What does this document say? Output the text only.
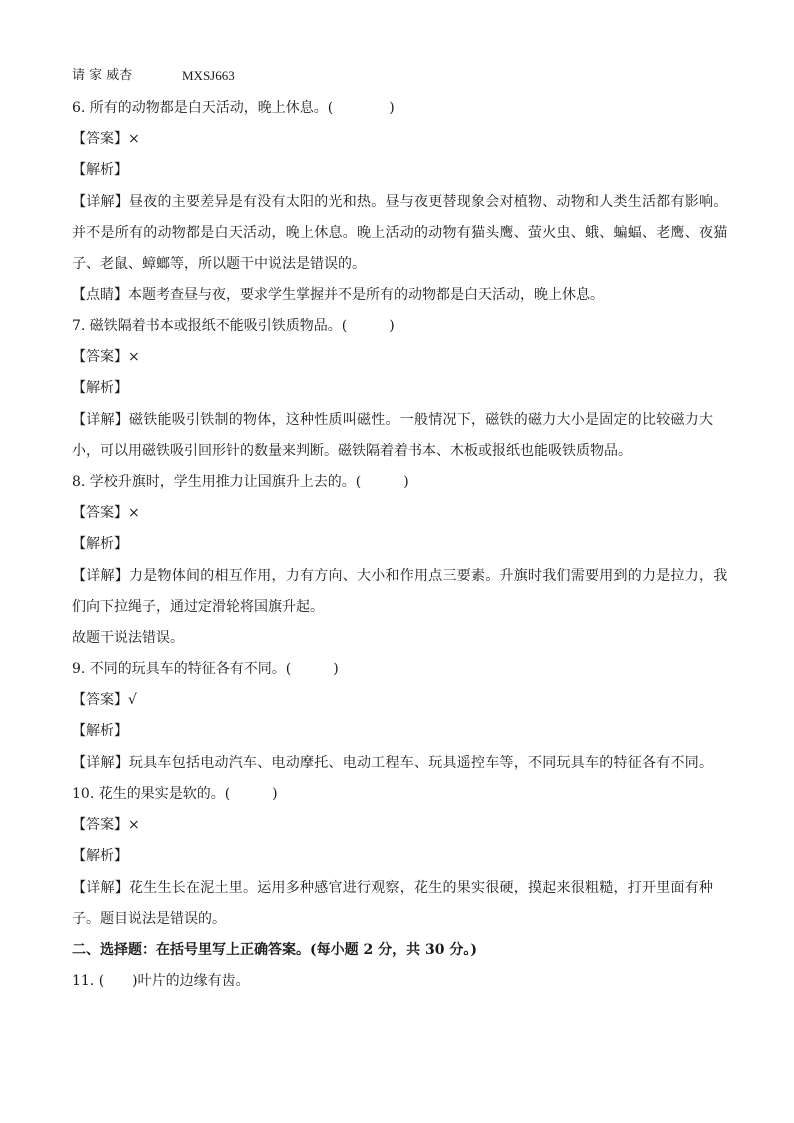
请 家 威杏	MXSJ663
6. 所有的动物都是白天活动，晚上休息。(　　　　)
【答案】×
【解析】
【详解】昼夜的主要差异是有没有太阳的光和热。昼与夜更替现象会对植物、动物和人类生活都有影响。
并不是所有的动物都是白天活动，晚上休息。晚上活动的动物有猫头鹰、萤火虫、蛾、蝙蝠、老鹰、夜猫
子、老鼠、蟑螂等，所以题干中说法是错误的。
【点睛】本题考查昼与夜，要求学生掌握并不是所有的动物都是白天活动，晚上休息。
7. 磁铁隔着书本或报纸不能吸引铁质物品。(　　　)
【答案】×
【解析】
【详解】磁铁能吸引铁制的物体，这种性质叫磁性。一般情况下，磁铁的磁力大小是固定的比较磁力大
小，可以用磁铁吸引回形针的数量来判断。磁铁隔着着书本、木板或报纸也能吸铁质物品。
8. 学校升旗时，学生用推力让国旗升上去的。(　　　)
【答案】×
【解析】
【详解】力是物体间的相互作用，力有方向、大小和作用点三要素。升旗时我们需要用到的力是拉力，我
们向下拉绳子，通过定滑轮将国旗升起。
故题干说法错误。
9. 不同的玩具车的特征各有不同。(　　　)
【答案】√
【解析】
【详解】玩具车包括电动汽车、电动摩托、电动工程车、玩具遥控车等，不同玩具车的特征各有不同。
10. 花生的果实是软的。(　　　)
【答案】×
【解析】
【详解】花生生长在泥土里。运用多种感官进行观察，花生的果实很硬，摸起来很粗糙，打开里面有种
子。题目说法是错误的。
二、选择题：在括号里写上正确答案。(每小题 2 分，共 30 分。)
11. (　　)叶片的边缘有齿。
